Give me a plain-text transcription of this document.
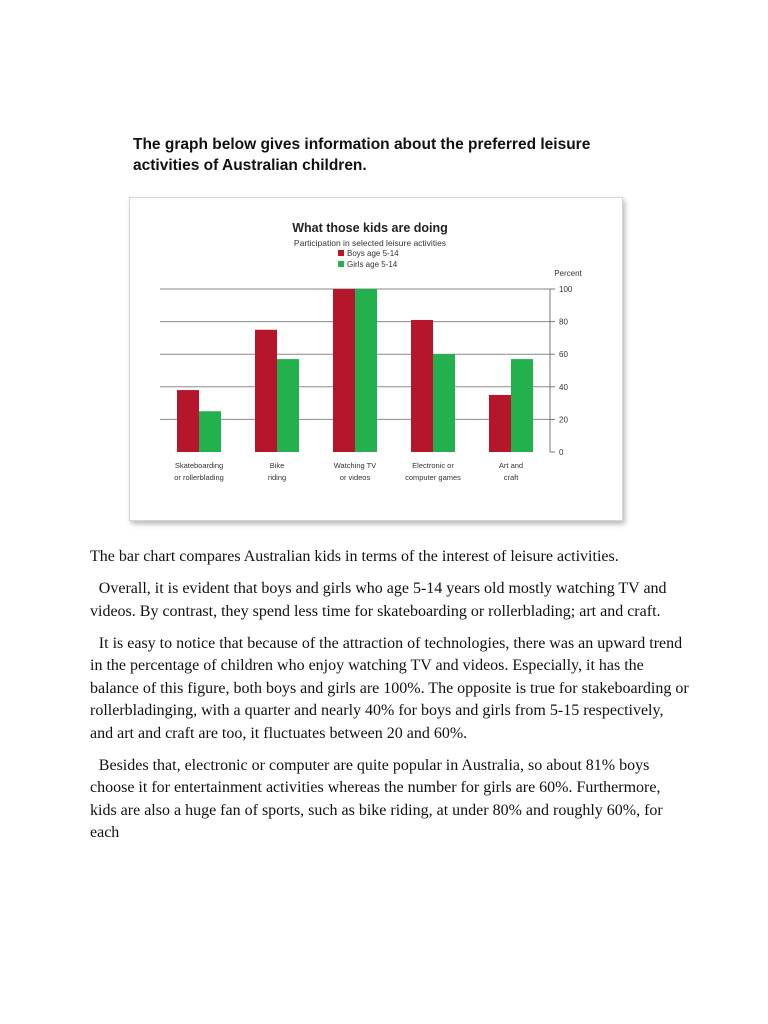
The graph below gives information about the preferred leisure activities of Australian children.
What those kids are doing
Participation in selected leisure activities
Percent
Boys age 5-14
Girls age 5-14
0
20
40
60
80
100
Skateboarding or rollerblading
Bike riding
Watching TV or videos
Electronic or computer games
Art and craft

The bar chart compares Australian kids in terms of the interest of leisure activities.

Overall, it is evident that boys and girls who age 5-14 years old mostly watching TV and videos. By contrast, they spend less time for skateboarding or rollerblading; art and craft.

It is easy to notice that because of the attraction of technologies, there was an upward trend in the percentage of children who enjoy watching TV and videos. Especially, it has the balance of this figure, both boys and girls are 100%. The opposite is true for stakeboarding or rollerbladinging, with a quarter and nearly 40% for boys and girls from 5-15 respectively, and art and craft are too, it fluctuates between 20 and 60%.

Besides that, electronic or computer are quite popular in Australia, so about 81% boys choose it for entertainment activities whereas the number for girls are 60%. Furthermore, kids are also a huge fan of sports, such as bike riding, at under 80% and roughly 60%, for each
